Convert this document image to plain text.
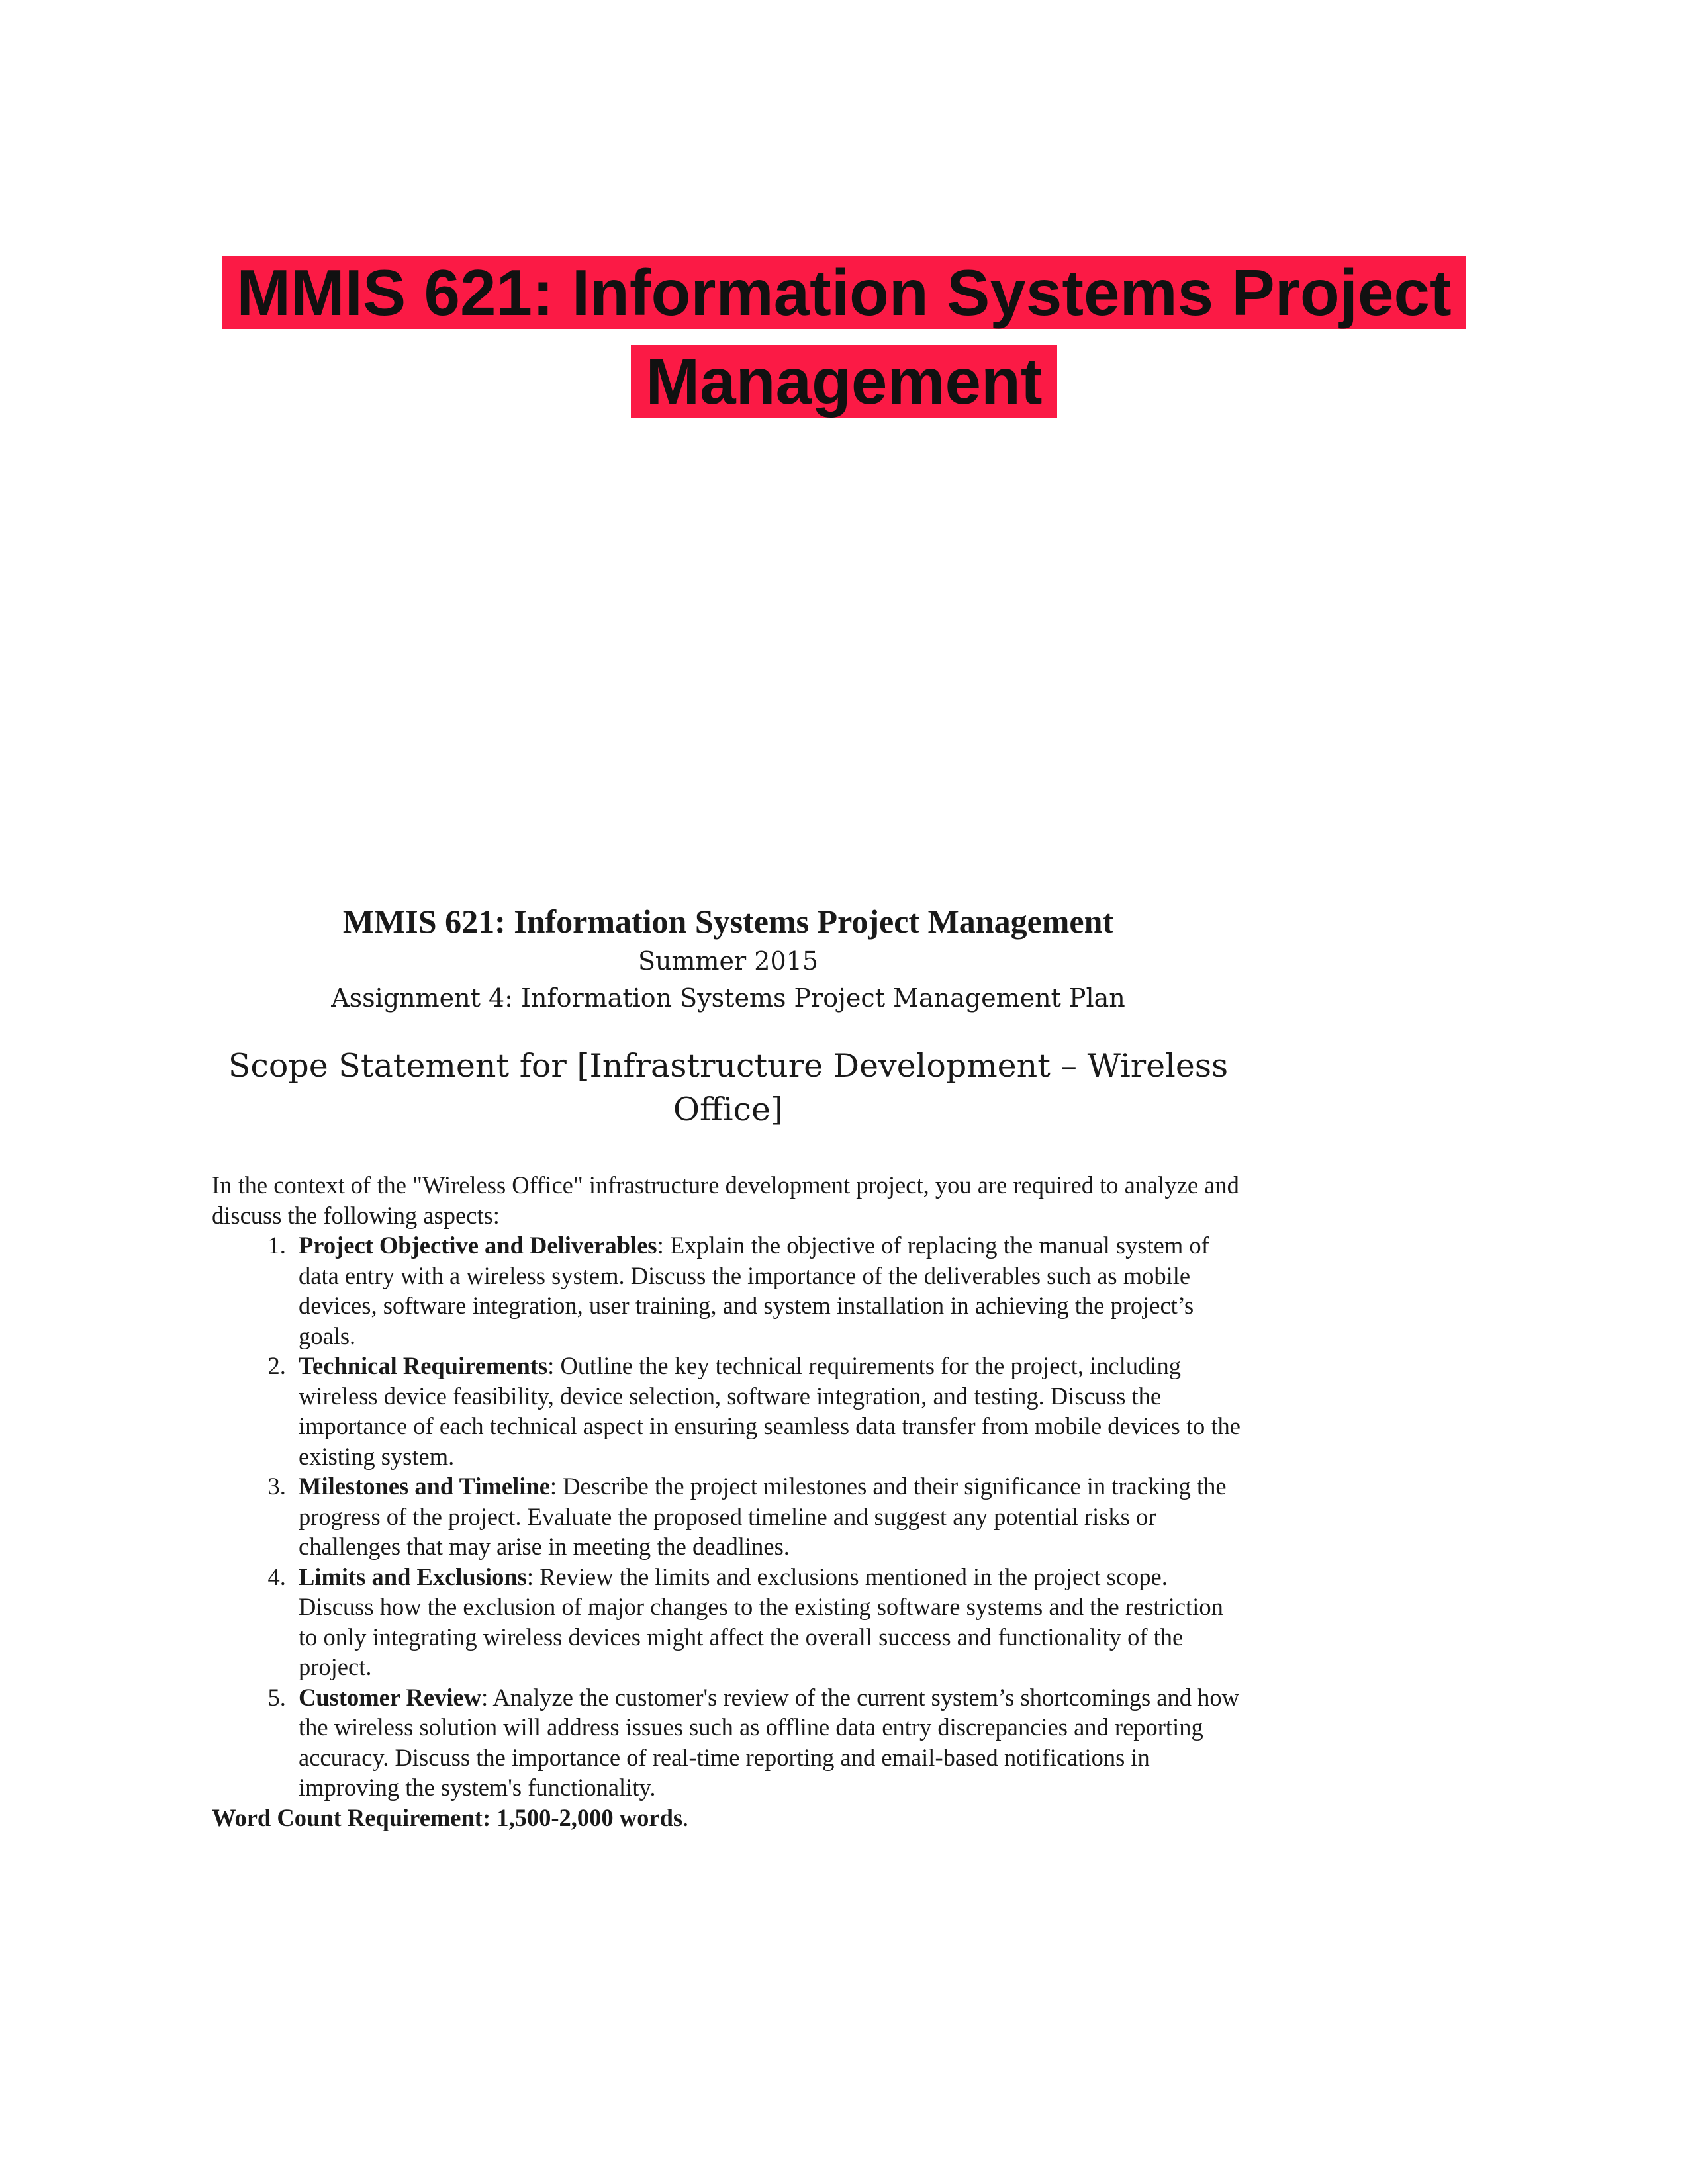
MMIS 621: Information Systems Project
Management
MMIS 621: Information Systems Project Management
Summer 2015
Assignment 4: Information Systems Project Management Plan
Scope Statement for [Infrastructure Development – Wireless
Office]
In the context of the "Wireless Office" infrastructure development project, you are required to analyze and discuss the following aspects:
1. Project Objective and Deliverables: Explain the objective of replacing the manual system of data entry with a wireless system. Discuss the importance of the deliverables such as mobile devices, software integration, user training, and system installation in achieving the project’s goals.
2. Technical Requirements: Outline the key technical requirements for the project, including wireless device feasibility, device selection, software integration, and testing. Discuss the importance of each technical aspect in ensuring seamless data transfer from mobile devices to the existing system.
3. Milestones and Timeline: Describe the project milestones and their significance in tracking the progress of the project. Evaluate the proposed timeline and suggest any potential risks or challenges that may arise in meeting the deadlines.
4. Limits and Exclusions: Review the limits and exclusions mentioned in the project scope. Discuss how the exclusion of major changes to the existing software systems and the restriction to only integrating wireless devices might affect the overall success and functionality of the project.
5. Customer Review: Analyze the customer's review of the current system’s shortcomings and how the wireless solution will address issues such as offline data entry discrepancies and reporting accuracy. Discuss the importance of real-time reporting and email-based notifications in improving the system's functionality.
Word Count Requirement: 1,500-2,000 words.
